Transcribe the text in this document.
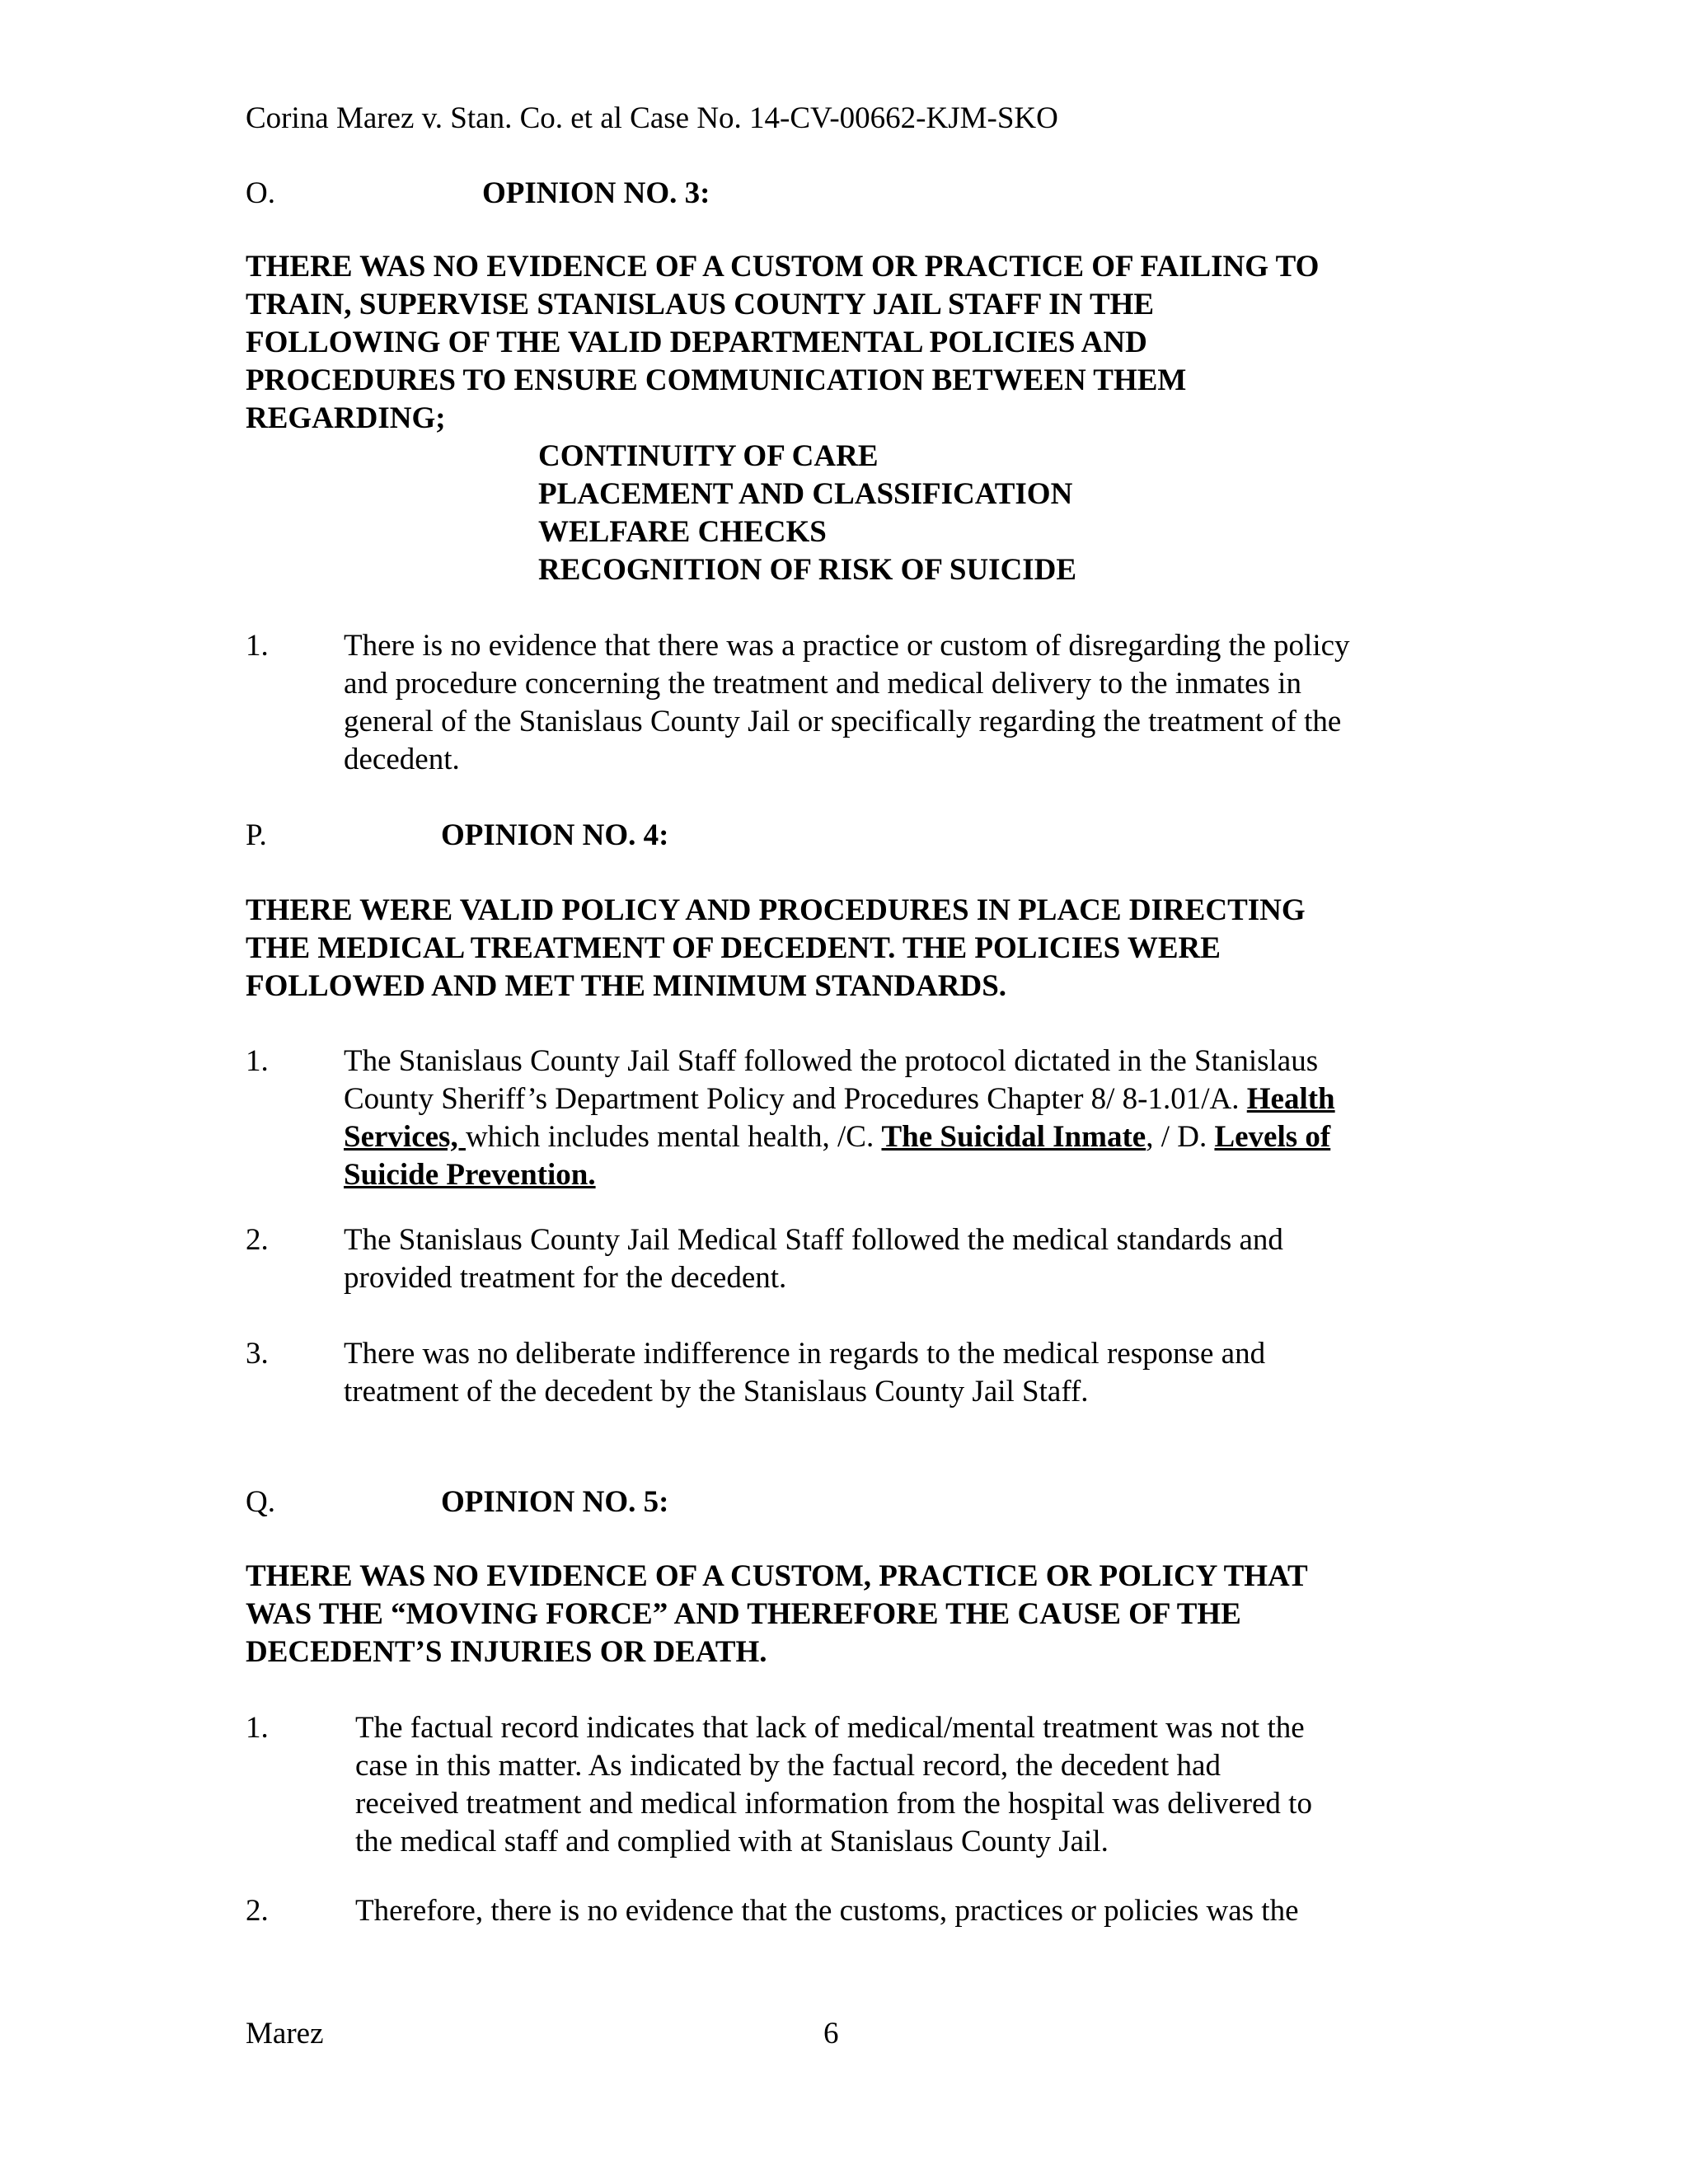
Corina Marez v. Stan. Co. et al Case No. 14-CV-00662-KJM-SKO
O.	OPINION NO. 3:
THERE WAS NO EVIDENCE OF A CUSTOM OR PRACTICE OF FAILING TO
TRAIN, SUPERVISE STANISLAUS COUNTY JAIL STAFF IN THE
FOLLOWING OF THE VALID DEPARTMENTAL POLICIES AND
PROCEDURES TO ENSURE COMMUNICATION BETWEEN THEM
REGARDING;
CONTINUITY OF CARE
PLACEMENT AND CLASSIFICATION
WELFARE CHECKS
RECOGNITION OF RISK OF SUICIDE
1. There is no evidence that there was a practice or custom of disregarding the policy
and procedure concerning the treatment and medical delivery to the inmates in
general of the Stanislaus County Jail or specifically regarding the treatment of the
decedent.
P.	OPINION NO. 4:
THERE WERE VALID POLICY AND PROCEDURES IN PLACE DIRECTING
THE MEDICAL TREATMENT OF DECEDENT. THE POLICIES WERE
FOLLOWED AND MET THE MINIMUM STANDARDS.
1. The Stanislaus County Jail Staff followed the protocol dictated in the Stanislaus
County Sheriff’s Department Policy and Procedures Chapter 8/ 8-1.01/A. Health
Services, which includes mental health, /C. The Suicidal Inmate, / D. Levels of
Suicide Prevention.
2. The Stanislaus County Jail Medical Staff followed the medical standards and
provided treatment for the decedent.
3. There was no deliberate indifference in regards to the medical response and
treatment of the decedent by the Stanislaus County Jail Staff.
Q.	OPINION NO. 5:
THERE WAS NO EVIDENCE OF A CUSTOM, PRACTICE OR POLICY THAT
WAS THE “MOVING FORCE” AND THEREFORE THE CAUSE OF THE
DECEDENT’S INJURIES OR DEATH.
1.	The factual record indicates that lack of medical/mental treatment was not the
case in this matter. As indicated by the factual record, the decedent had
received treatment and medical information from the hospital was delivered to
the medical staff and complied with at Stanislaus County Jail.
2.	Therefore, there is no evidence that the customs, practices or policies was the
Marez	6
